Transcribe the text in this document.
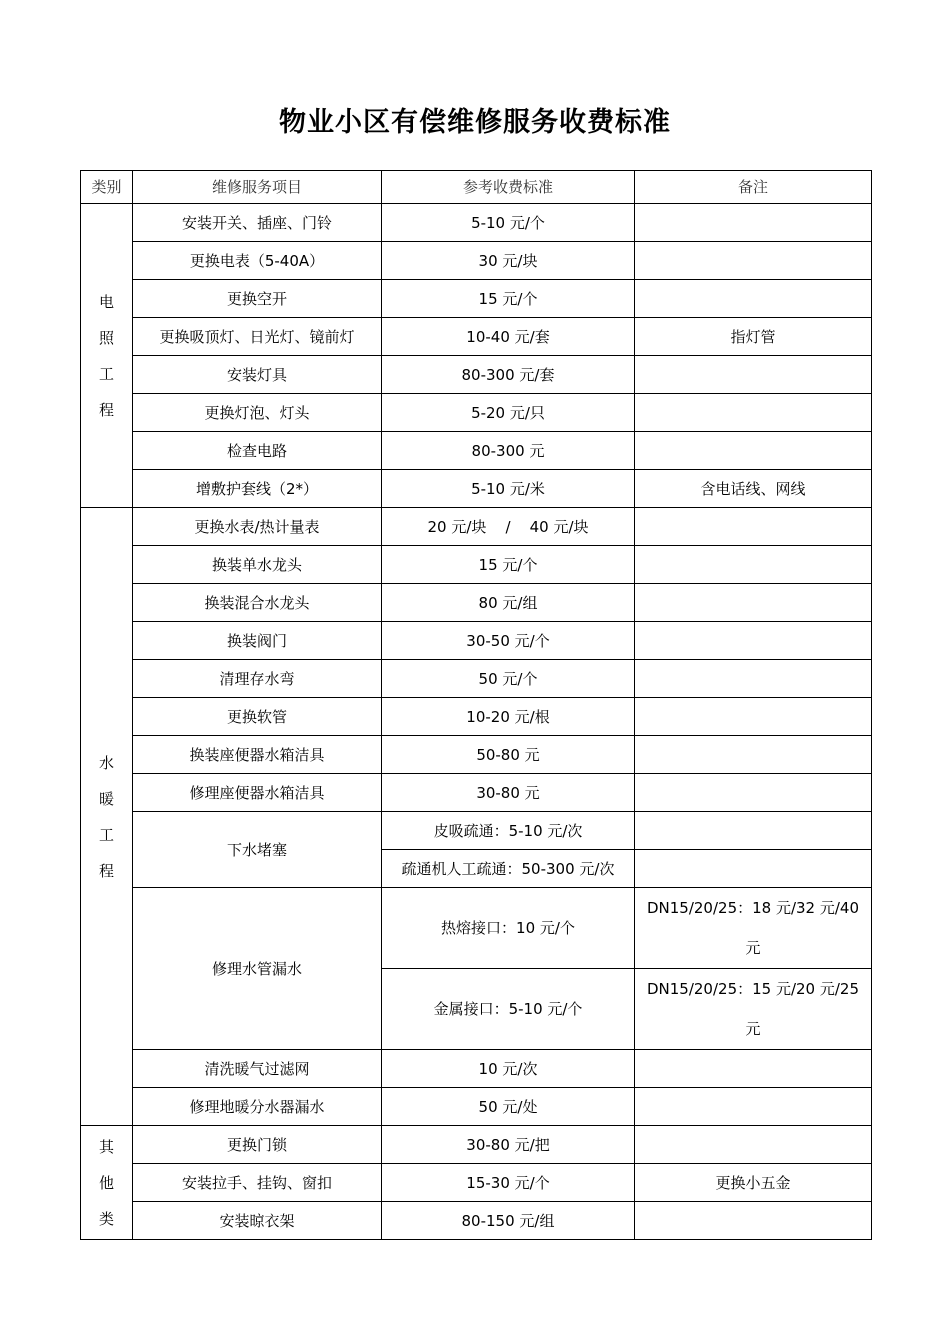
物业小区有偿维修服务收费标准
类别	维修服务项目	参考收费标准	备注

电
照
工
程	安装开关、插座、门铃	5-10 元/个	
	更换电表（5-40A）	30 元/块	
	更换空开	15 元/个	
	更换吸顶灯、日光灯、镜前灯	10-40 元/套	指灯管
	安装灯具	80-300 元/套	
	更换灯泡、灯头	5-20 元/只	
	检查电路	80-300 元	
	增敷护套线（2*）	5-10 元/米	含电话线、网线

水
暖
工
程	更换水表/热计量表	20 元/块    /    40 元/块	
	换装单水龙头	15 元/个	
	换装混合水龙头	80 元/组	
	换装阀门	30-50 元/个	
	清理存水弯	50 元/个	
	更换软管	10-20 元/根	
	换装座便器水箱洁具	50-80 元	
	修理座便器水箱洁具	30-80 元	
	下水堵塞	皮吸疏通：5-10 元/次	
		疏通机人工疏通：50-300 元/次	
	修理水管漏水	热熔接口：10 元/个	DN15/20/25：18 元/32 元/40 元
		金属接口：5-10 元/个	DN15/20/25：15 元/20 元/25 元
	清洗暖气过滤网	10 元/次	
	修理地暖分水器漏水	50 元/处	

其
他
类	更换门锁	30-80 元/把	
	安装拉手、挂钩、窗扣	15-30 元/个	更换小五金
	安装晾衣架	80-150 元/组	
